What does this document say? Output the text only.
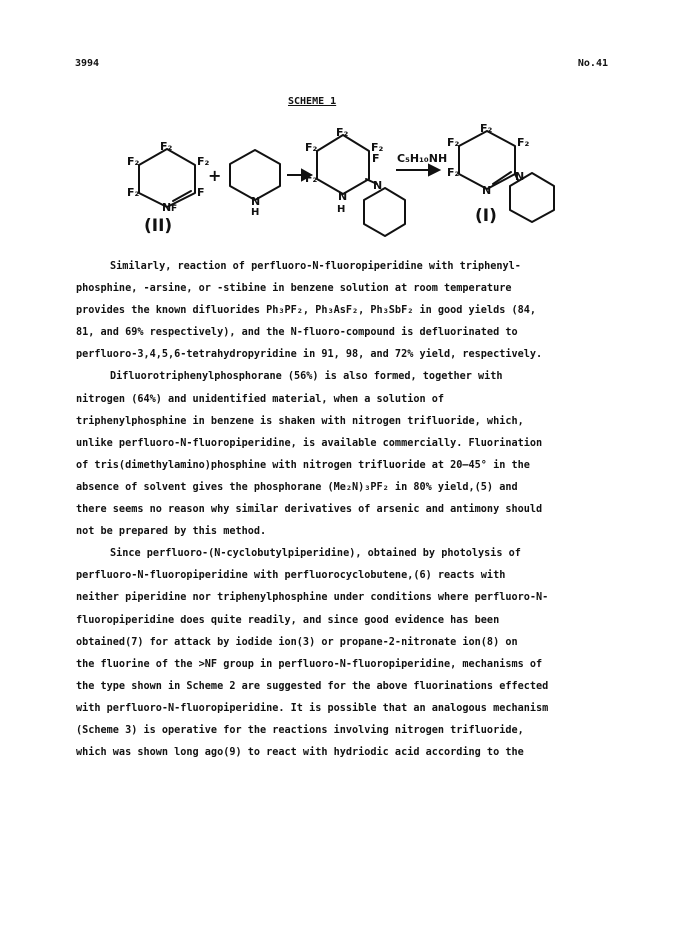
3994	No.41
SCHEME 1
F₂
F₂
F₂
F₂
F
N F
(II)
+
N
H
F₂
F₂
F₂
F₂
F
N
H
N
C₅H₁₀NH
F₂
F₂
F₂
F₂
N
N
(I)

Similarly, reaction of perfluoro-N-fluoropiperidine with triphenyl-
phosphine, -arsine, or -stibine in benzene solution at room temperature
provides the known difluorides Ph₃PF₂, Ph₃AsF₂, Ph₃SbF₂ in good yields (84,
81, and 69% respectively), and the N-fluoro-compound is defluorinated to
perfluoro-3,4,5,6-tetrahydropyridine in 91, 98, and 72% yield, respectively.

Difluorotriphenylphosphorane (56%) is also formed, together with
nitrogen (64%) and unidentified material, when a solution of
triphenylphosphine in benzene is shaken with nitrogen trifluoride, which,
unlike perfluoro-N-fluoropiperidine, is available commercially. Fluorination
of tris(dimethylamino)phosphine with nitrogen trifluoride at 20–45° in the
absence of solvent gives the phosphorane (Me₂N)₃PF₂ in 80% yield,(5) and
there seems no reason why similar derivatives of arsenic and antimony should
not be prepared by this method.

Since perfluoro-(N-cyclobutylpiperidine), obtained by photolysis of
perfluoro-N-fluoropiperidine with perfluorocyclobutene,(6) reacts with
neither piperidine nor triphenylphosphine under conditions where perfluoro-N-
fluoropiperidine does quite readily, and since good evidence has been
obtained(7) for attack by iodide ion(3) or propane-2-nitronate ion(8) on
the fluorine of the >NF group in perfluoro-N-fluoropiperidine, mechanisms of
the type shown in Scheme 2 are suggested for the above fluorinations effected
with perfluoro-N-fluoropiperidine. It is possible that an analogous mechanism
(Scheme 3) is operative for the reactions involving nitrogen trifluoride,
which was shown long ago(9) to react with hydriodic acid according to the
